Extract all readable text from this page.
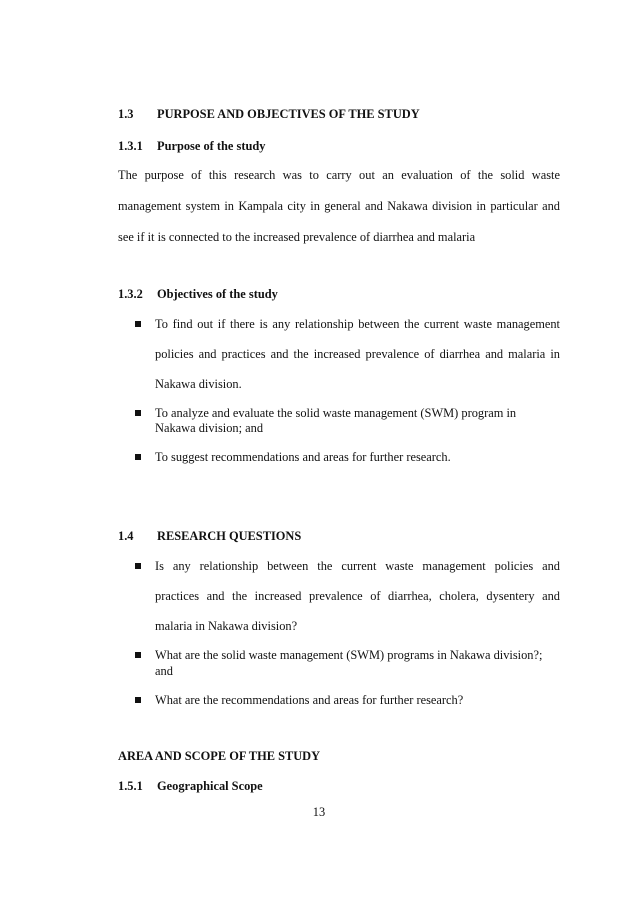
1.3 PURPOSE AND OBJECTIVES OF THE STUDY
1.3.1 Purpose of the study
The purpose of this research was to carry out an evaluation of the solid waste
management system in Kampala city in general and Nakawa division in particular and
see if it is connected to the increased prevalence of diarrhea and malaria
1.3.2 Objectives of the study
To find out if there is any relationship between the current waste management
policies and practices and the increased prevalence of diarrhea and malaria in
Nakawa division.
To analyze and evaluate the solid waste management (SWM) program in
Nakawa division; and
To suggest recommendations and areas for further research.
1.4 RESEARCH QUESTIONS
Is any relationship between the current waste management policies and
practices and the increased prevalence of diarrhea, cholera, dysentery and
malaria in Nakawa division?
What are the solid waste management (SWM) programs in Nakawa division?;
and
What are the recommendations and areas for further research?
AREA AND SCOPE OF THE STUDY
1.5.1 Geographical Scope
13
